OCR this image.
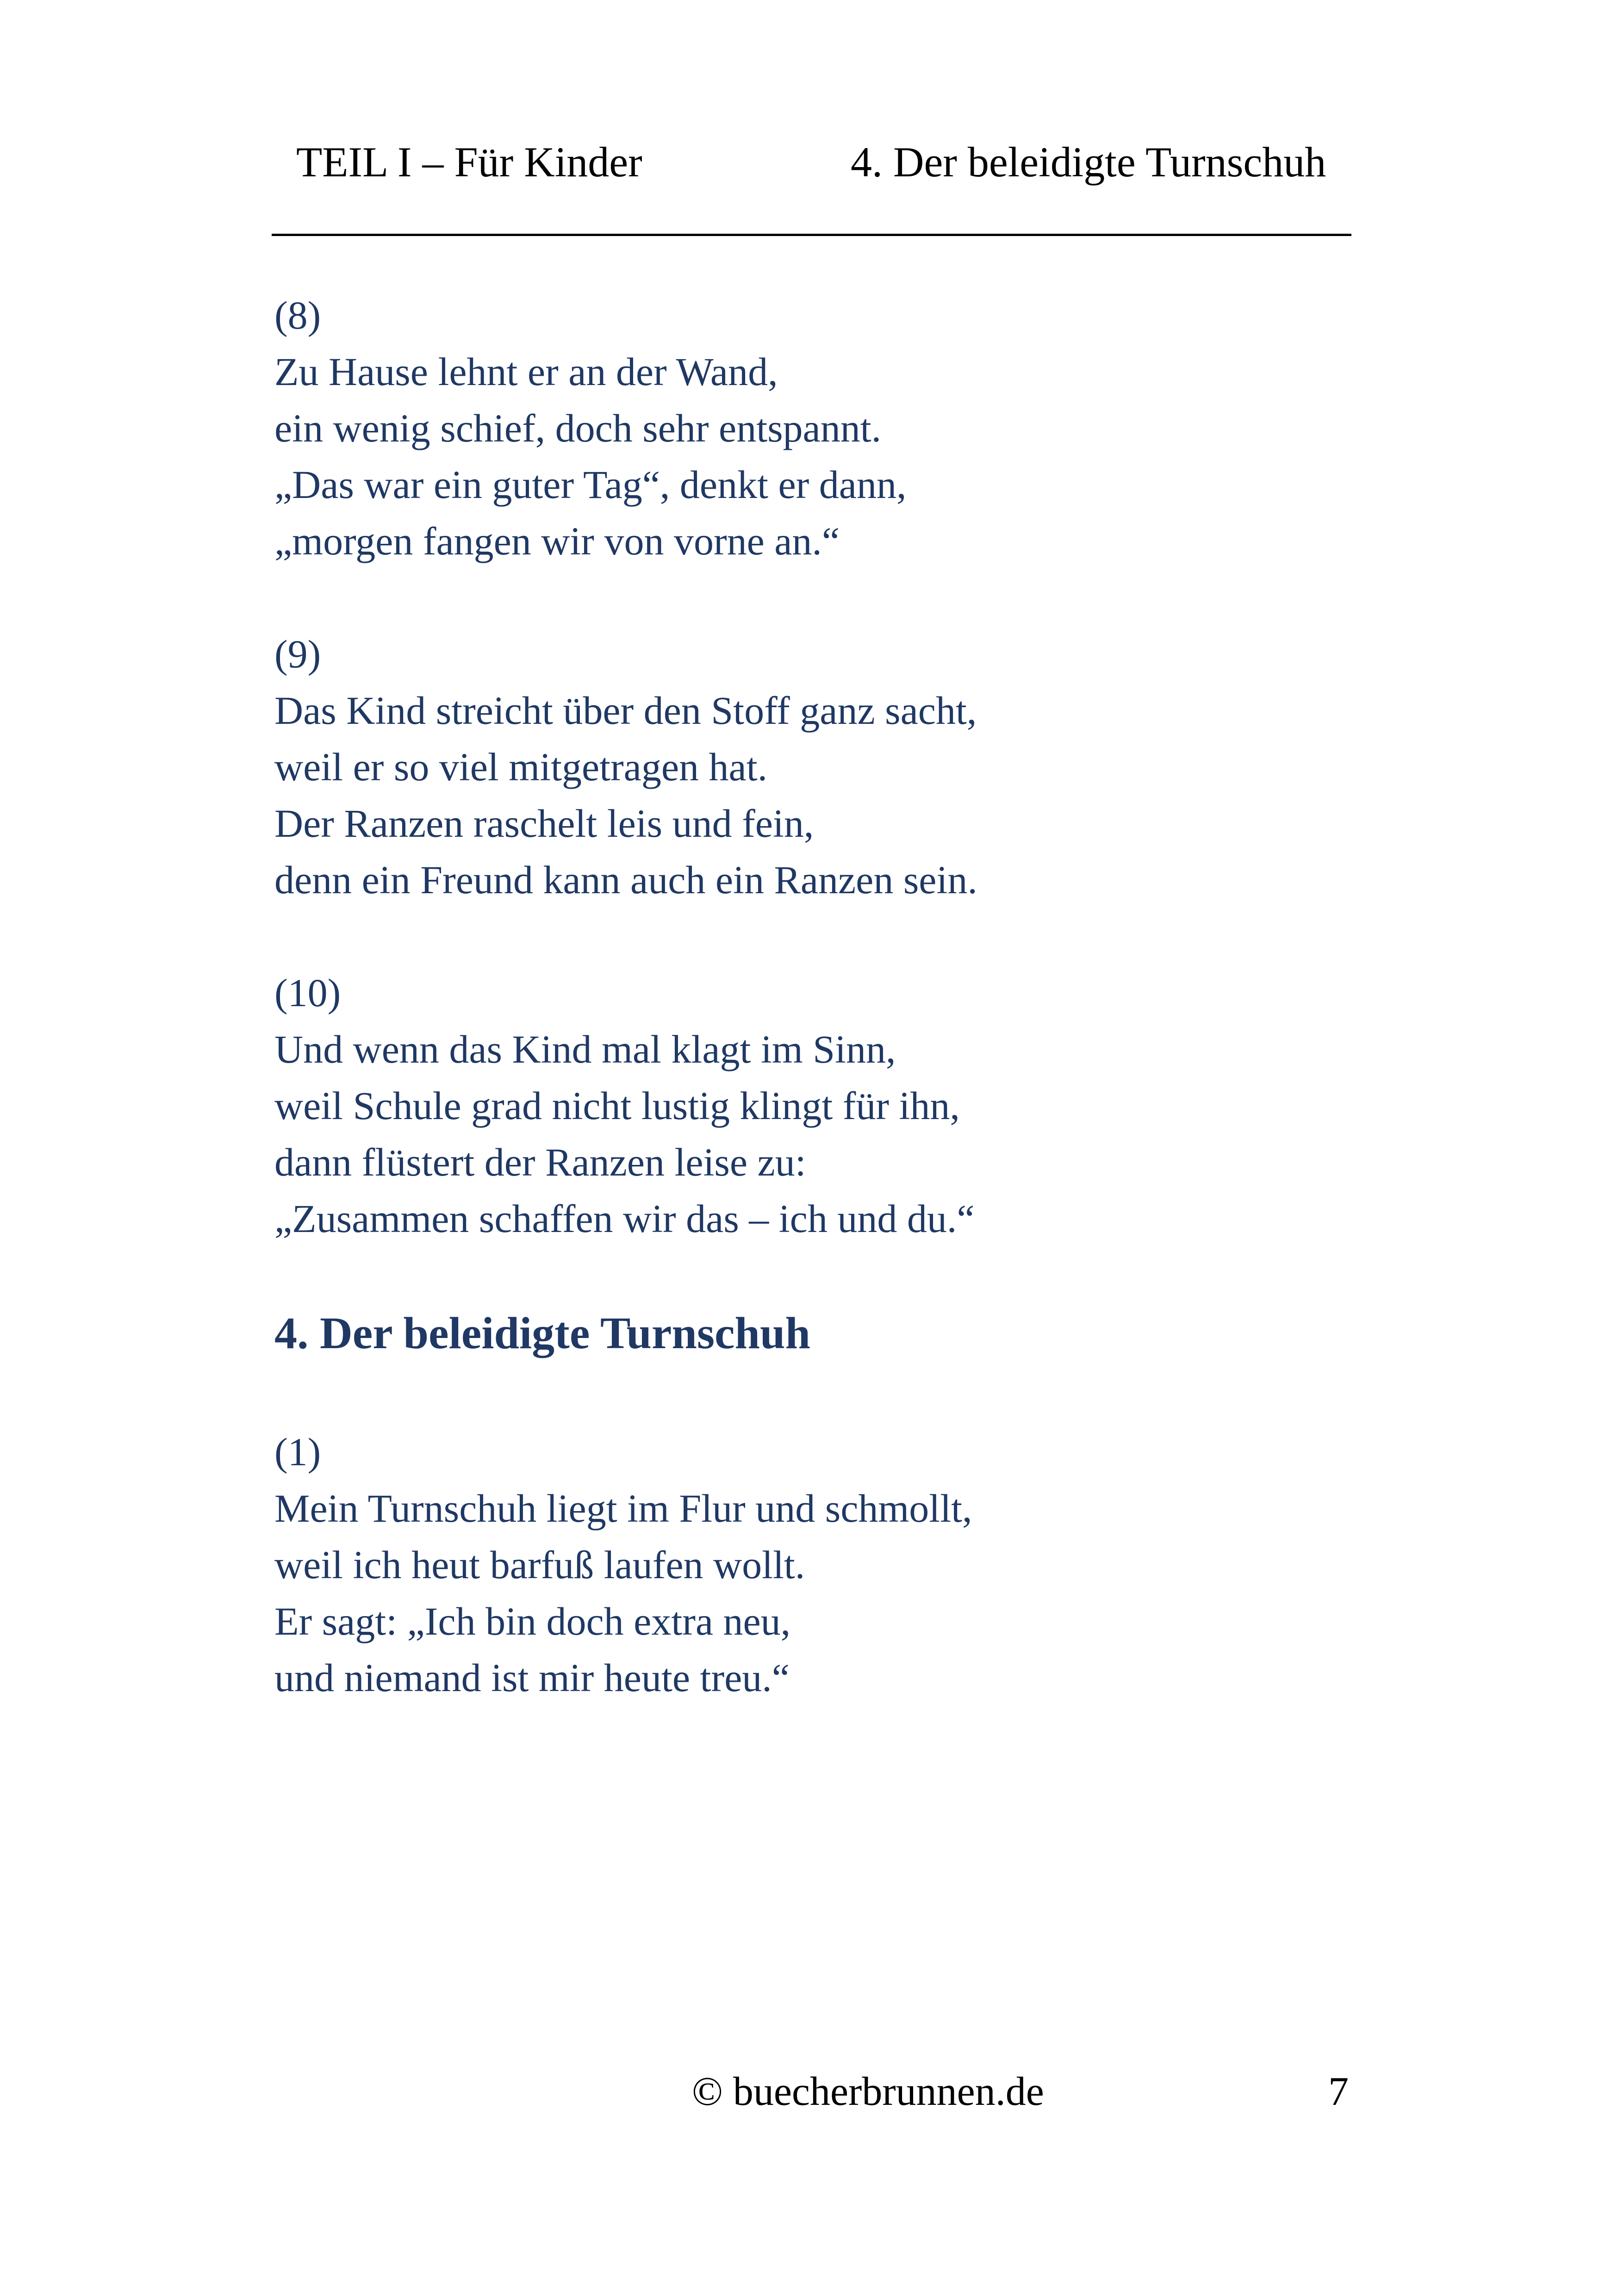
TEIL I – Für Kinder	4. Der beleidigte Turnschuh
(8)
Zu Hause lehnt er an der Wand,
ein wenig schief, doch sehr entspannt.
„Das war ein guter Tag“, denkt er dann,
„morgen fangen wir von vorne an.“
(9)
Das Kind streicht über den Stoff ganz sacht,
weil er so viel mitgetragen hat.
Der Ranzen raschelt leis und fein,
denn ein Freund kann auch ein Ranzen sein.
(10)
Und wenn das Kind mal klagt im Sinn,
weil Schule grad nicht lustig klingt für ihn,
dann flüstert der Ranzen leise zu:
„Zusammen schaffen wir das – ich und du.“
4. Der beleidigte Turnschuh
(1)
Mein Turnschuh liegt im Flur und schmollt,
weil ich heut barfuß laufen wollt.
Er sagt: „Ich bin doch extra neu,
und niemand ist mir heute treu.“
© buecherbrunnen.de	7
